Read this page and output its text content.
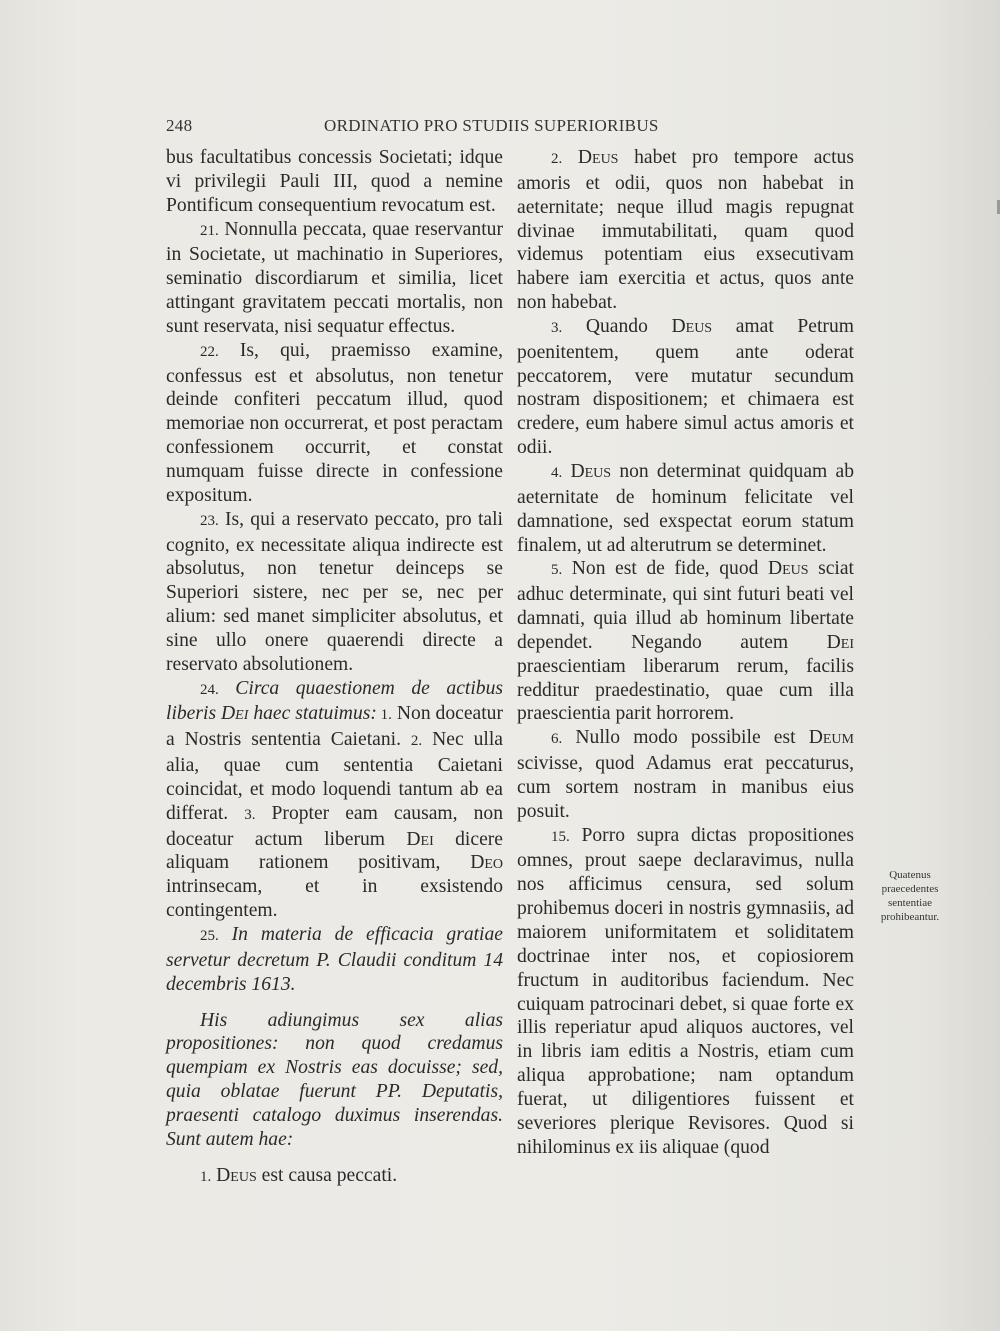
248	ORDINATIO PRO STUDIIS SUPERIORIBUS

bus facultatibus concessis Societati; idque vi privilegii Pauli III, quod a nemine Pontificum consequentium revocatum est.

21. Nonnulla peccata, quae reservantur in Societate, ut machinatio in Superiores, seminatio discordiarum et similia, licet attingant gravitatem peccati mortalis, non sunt reservata, nisi sequatur effectus.

22. Is, qui, praemisso examine, confessus est et absolutus, non tenetur deinde confiteri peccatum illud, quod memoriae non occurrerat, et post peractam confessionem occurrit, et constat numquam fuisse directe in confessione expositum.

23. Is, qui a reservato peccato, pro tali cognito, ex necessitate aliqua indirecte est absolutus, non tenetur deinceps se Superiori sistere, nec per se, nec per alium: sed manet simpliciter absolutus, et sine ullo onere quaerendi directe a reservato absolutionem.

24. Circa quaestionem de actibus liberis Dei haec statuimus: 1. Non doceatur a Nostris sententia Caietani. 2. Nec ulla alia, quae cum sententia Caietani coincidat, et modo loquendi tantum ab ea differat. 3. Propter eam causam, non doceatur actum liberum Dei dicere aliquam rationem positivam, Deo intrinsecam, et in exsistendo contingentem.

25. In materia de efficacia gratiae servetur decretum P. Claudii conditum 14 decembris 1613.

His adiungimus sex alias propositiones: non quod credamus quempiam ex Nostris eas docuisse; sed, quia oblatae fuerunt PP. Deputatis, praesenti catalogo duximus inserendas. Sunt autem hae:

1. Deus est causa peccati.

2. Deus habet pro tempore actus amoris et odii, quos non habebat in aeternitate; neque illud magis repugnat divinae immutabilitati, quam quod videmus potentiam eius exsecutivam habere iam exercitia et actus, quos ante non habebat.

3. Quando Deus amat Petrum poenitentem, quem ante oderat peccatorem, vere mutatur secundum nostram dispositionem; et chimaera est credere, eum habere simul actus amoris et odii.

4. Deus non determinat quidquam ab aeternitate de hominum felicitate vel damnatione, sed exspectat eorum statum finalem, ut ad alterutrum se determinet.

5. Non est de fide, quod Deus sciat adhuc determinate, qui sint futuri beati vel damnati, quia illud ab hominum libertate dependet. Negando autem Dei praescientiam liberarum rerum, facilis redditur praedestinatio, quae cum illa praescientia parit horrorem.

6. Nullo modo possibile est Deum scivisse, quod Adamus erat peccaturus, cum sortem nostram in manibus eius posuit.

15. Porro supra dictas propositiones omnes, prout saepe declaravimus, nulla nos afficimus censura, sed solum prohibemus doceri in nostris gymnasiis, ad maiorem uniformitatem et soliditatem doctrinae inter nos, et copiosiorem fructum in auditoribus faciendum. Nec cuiquam patrocinari debet, si quae forte ex illis reperiatur apud aliquos auctores, vel in libris iam editis a Nostris, etiam cum aliqua approbatione; nam optandum fuerat, ut diligentiores fuissent et severiores plerique Revisores. Quod si nihilominus ex iis aliquae (quod

Quatenus
praecedentes
sententiae
prohibeantur.
